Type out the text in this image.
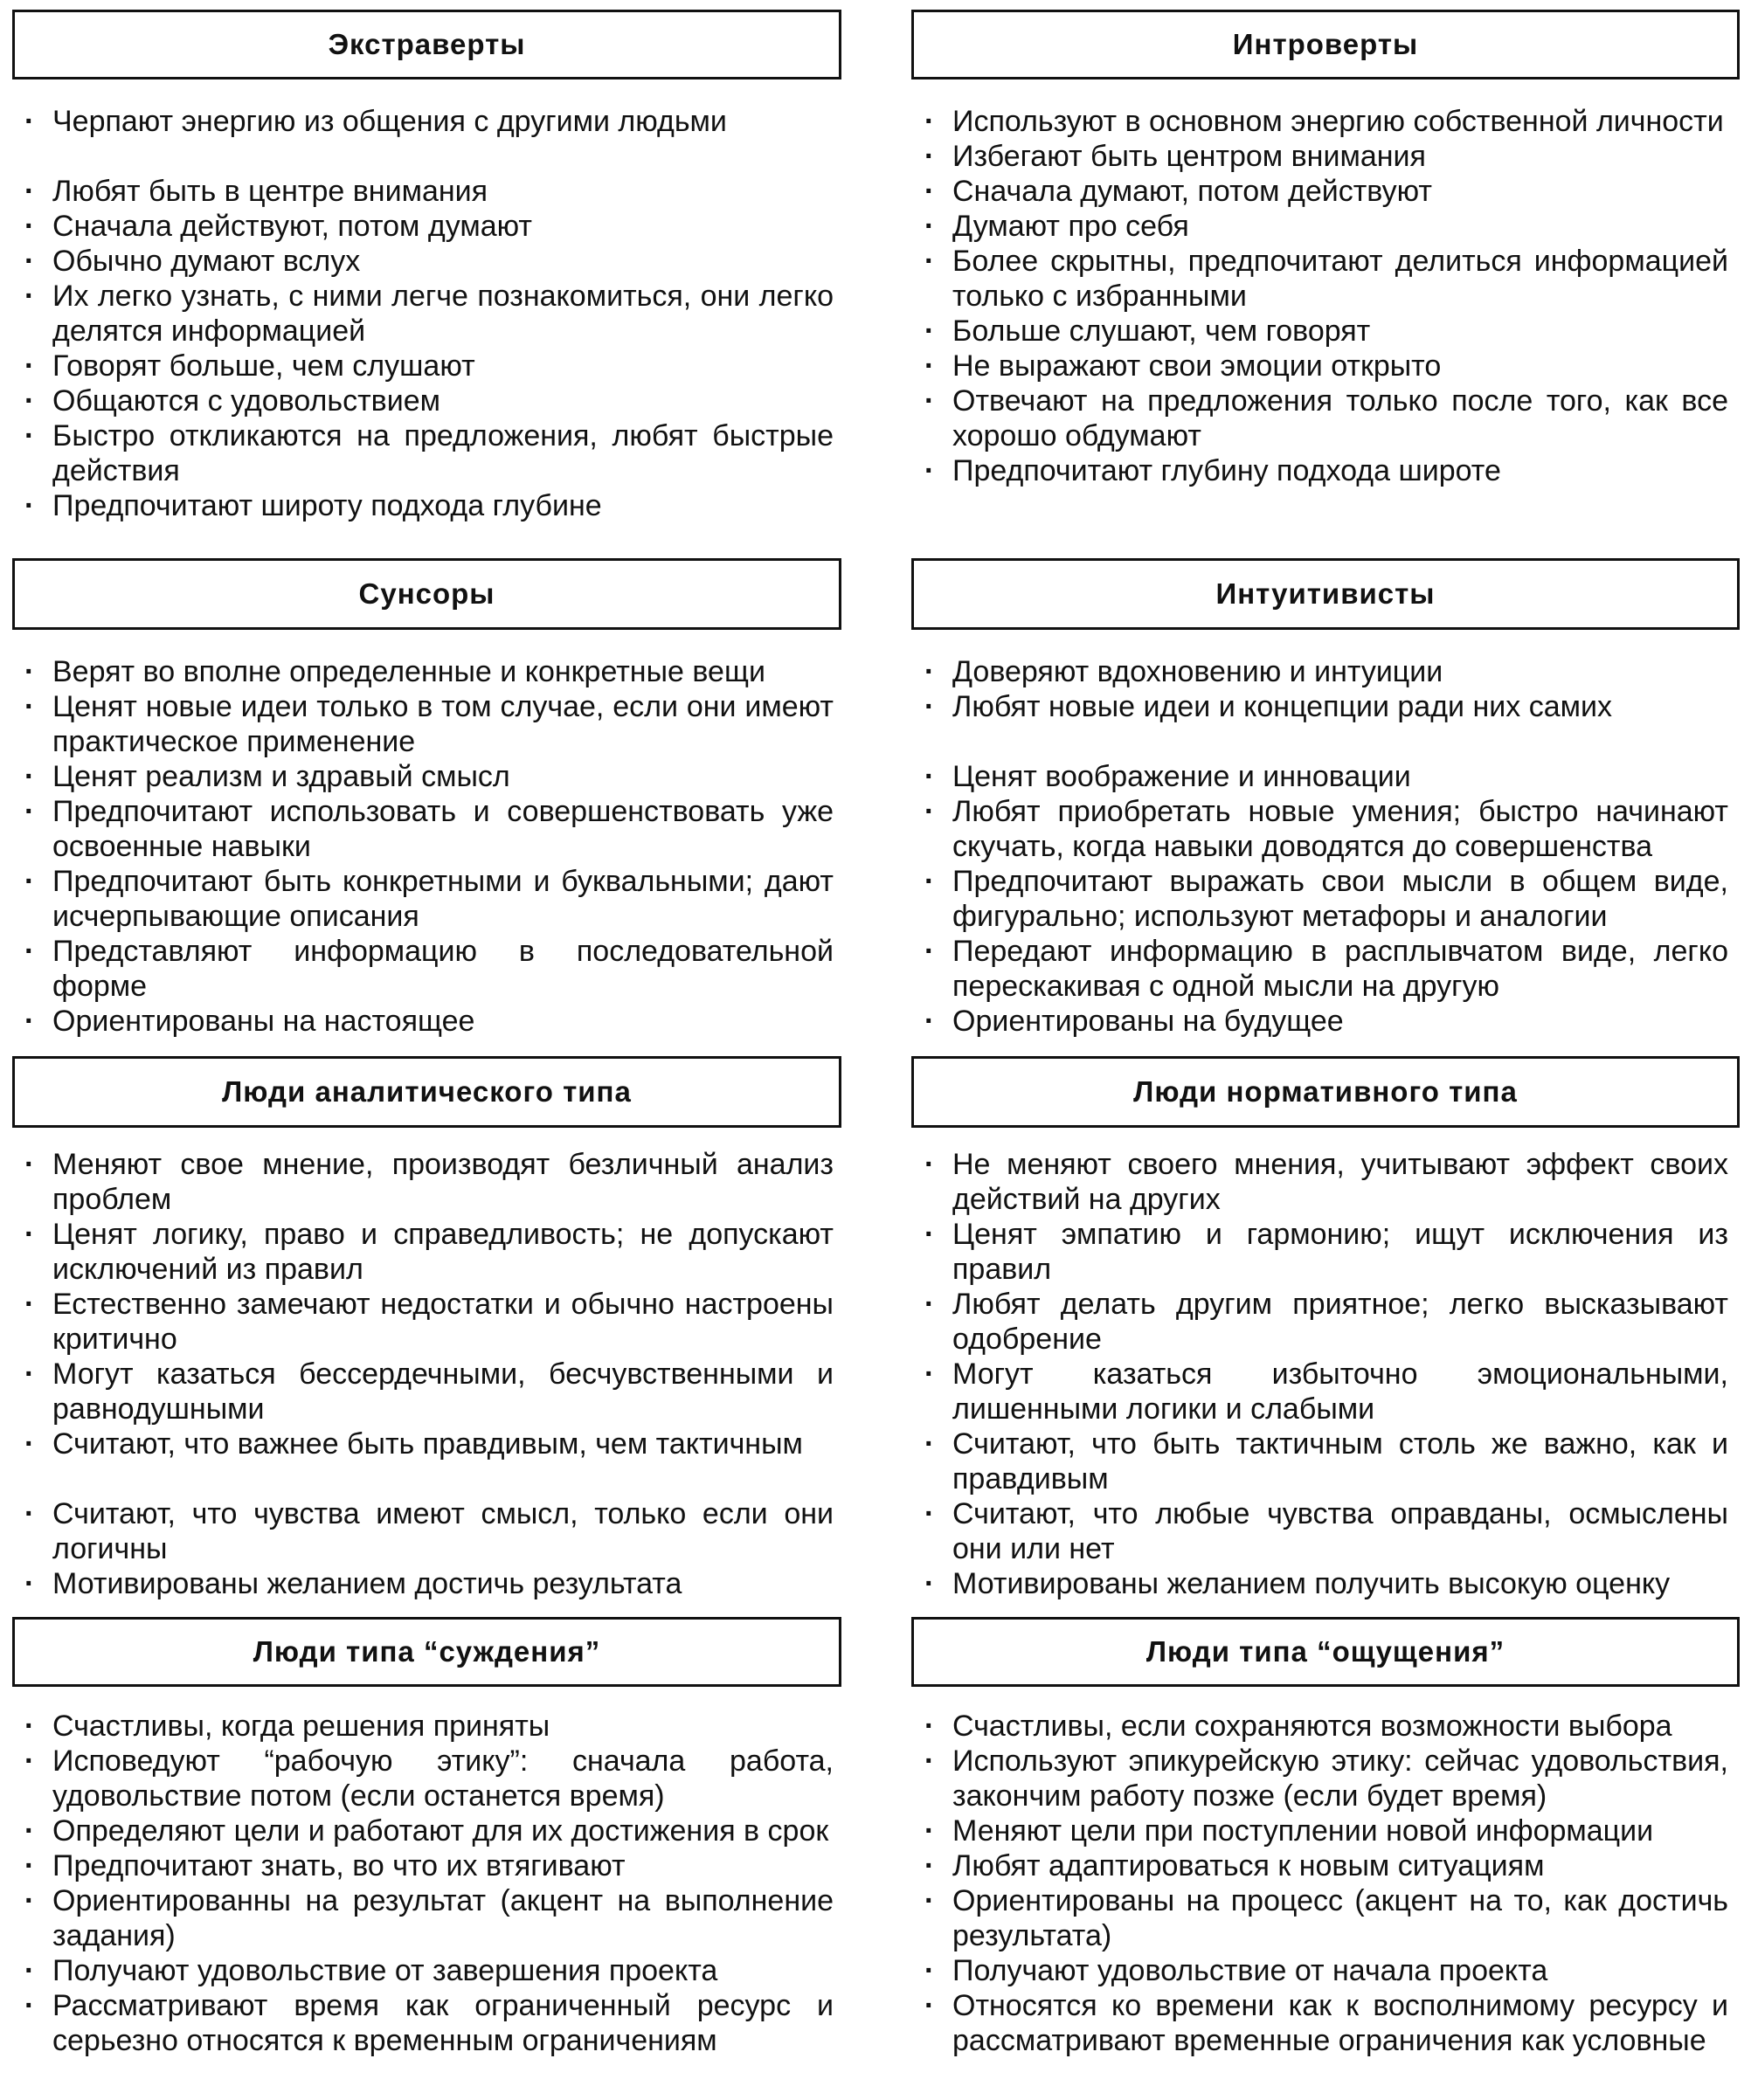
Экстраверты
· Черпают энергию из общения с другими людьми
· Любят быть в центре внимания
· Сначала действуют, потом думают
· Обычно думают вслух
· Их легко узнать, с ними легче познакомиться, они легко делятся информацией
· Говорят больше, чем слушают
· Общаются с удовольствием
· Быстро откликаются на предложения, любят быстрые действия
· Предпочитают широту подхода глубине
Интроверты
· Используют в основном энергию собственной личности
· Избегают быть центром внимания
· Сначала думают, потом действуют
· Думают про себя
· Более скрытны, предпочитают делиться информацией только с избранными
· Больше слушают, чем говорят
· Не выражают свои эмоции открыто
· Отвечают на предложения только после того, как все хорошо обдумают
· Предпочитают глубину подхода широте
Сунсоры
· Верят во вполне определенные и конкретные вещи
· Ценят новые идеи только в том случае, если они имеют практическое применение
· Ценят реализм и здравый смысл
· Предпочитают использовать и совершенствовать уже освоенные навыки
· Предпочитают быть конкретными и буквальными; дают исчерпывающие описания
· Представляют информацию в последовательной форме
· Ориентированы на настоящее
Интуитивисты
· Доверяют вдохновению и интуиции
· Любят новые идеи и концепции ради них самих
· Ценят воображение и инновации
· Любят приобретать новые умения; быстро начинают скучать, когда навыки доводятся до совершенства
· Предпочитают выражать свои мысли в общем виде, фигурально; используют метафоры и аналогии
· Передают информацию в расплывчатом виде, легко перескакивая с одной мысли на другую
· Ориентированы на будущее
Люди аналитического типа
· Меняют свое мнение, производят безличный анализ проблем
· Ценят логику, право и справедливость; не допускают исключений из правил
· Естественно замечают недостатки и обычно настроены критично
· Могут казаться бессердечными, бесчувственными и равнодушными
· Считают, что важнее быть правдивым, чем тактичным
· Считают, что чувства имеют смысл, только если они логичны
· Мотивированы желанием достичь результата
Люди нормативного типа
· Не меняют своего мнения, учитывают эффект своих действий на других
· Ценят эмпатию и гармонию; ищут исключения из правил
· Любят делать другим приятное; легко высказывают одобрение
· Могут казаться избыточно эмоциональными, лишенными логики и слабыми
· Считают, что быть тактичным столь же важно, как и правдивым
· Считают, что любые чувства оправданы, осмыслены они или нет
· Мотивированы желанием получить высокую оценку
Люди типа “суждения”
· Счастливы, когда решения приняты
· Исповедуют “рабочую этику”: сначала работа, удовольствие потом (если останется время)
· Определяют цели и работают для их достижения в срок
· Предпочитают знать, во что их втягивают
· Ориентированны на результат (акцент на выполнение задания)
· Получают удовольствие от завершения проекта
· Рассматривают время как ограниченный ресурс и серьезно относятся к временным ограничениям
Люди типа “ощущения”
· Счастливы, если сохраняются возможности выбора
· Используют эпикурейскую этику: сейчас удовольствия, закончим работу позже (если будет время)
· Меняют цели при поступлении новой информации
· Любят адаптироваться к новым ситуациям
· Ориентированы на процесс (акцент на то, как достичь результата)
· Получают удовольствие от начала проекта
· Относятся ко времени как к восполнимому ресурсу и рассматривают временные ограничения как условные
